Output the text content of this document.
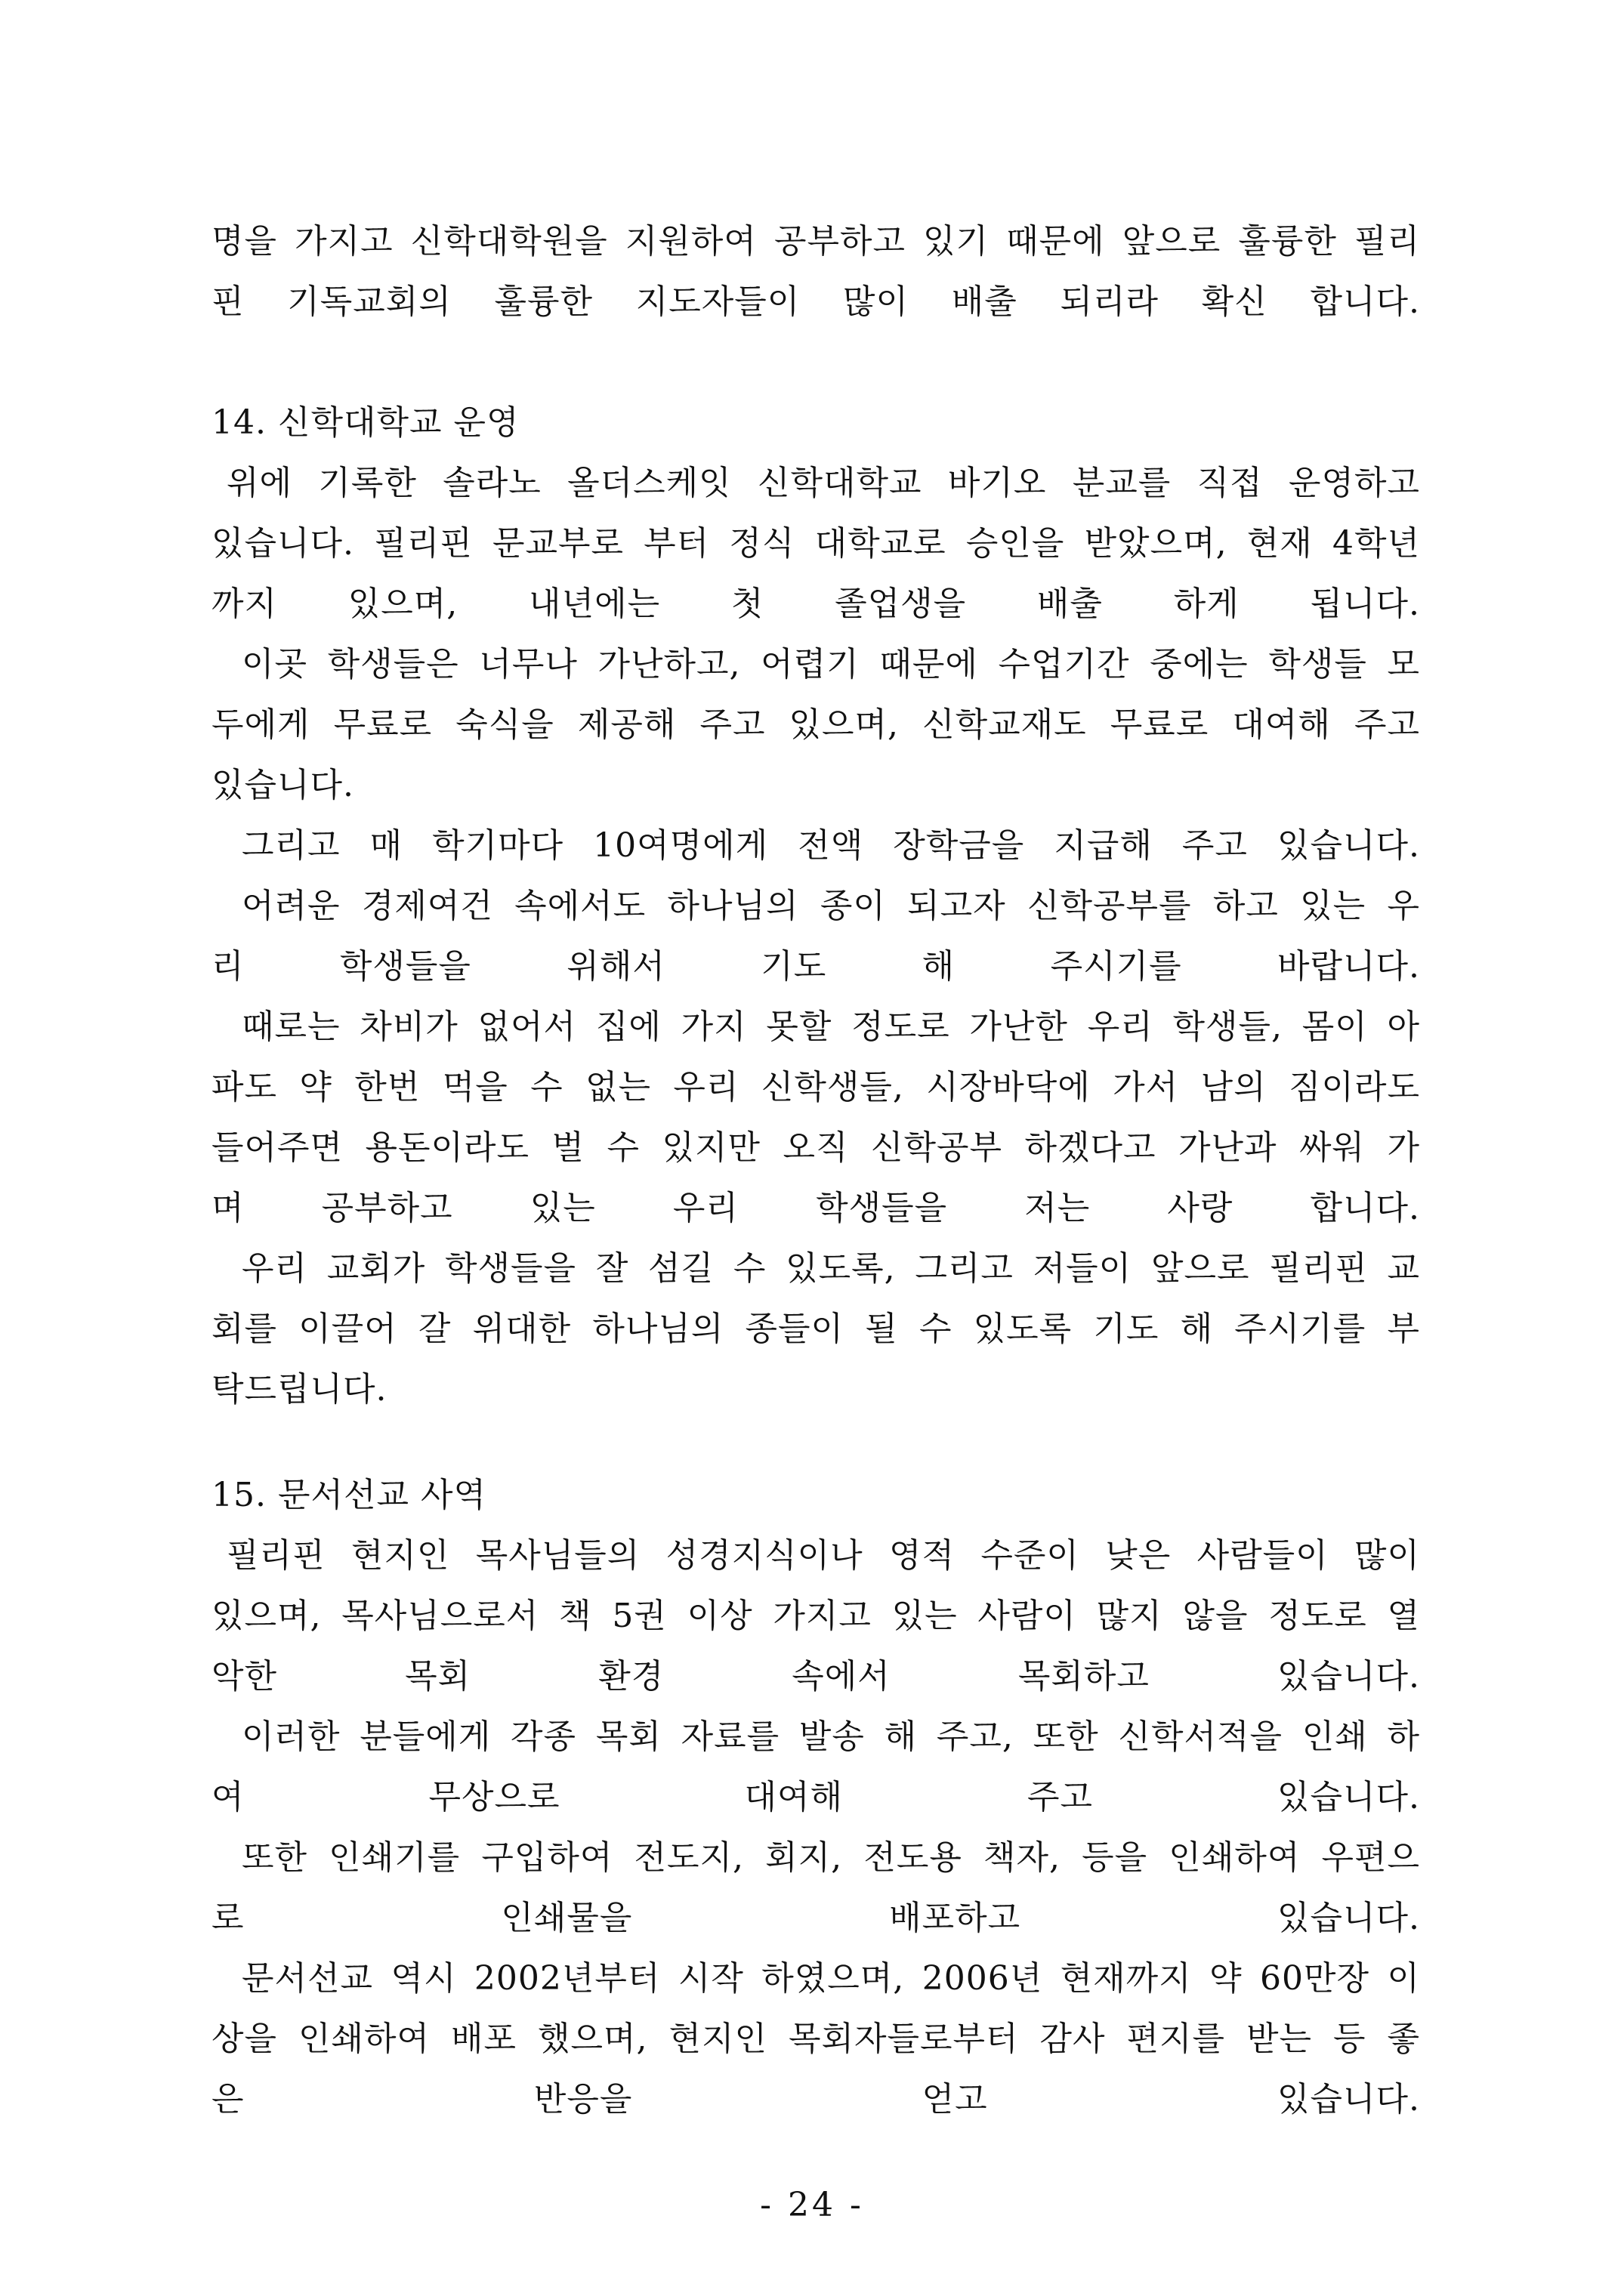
명을 가지고 신학대학원을 지원하여 공부하고 있기 때문에 앞으로 훌륭한 필리
핀 기독교회의 훌륭한 지도자들이 많이 배출 되리라 확신 합니다.
14. 신학대학교 운영
위에 기록한 솔라노 올더스케잇 신학대학교 바기오 분교를 직접 운영하고
있습니다. 필리핀 문교부로 부터 정식 대학교로 승인을 받았으며, 현재 4학년
까지 있으며, 내년에는 첫 졸업생을 배출 하게 됩니다.
이곳 학생들은 너무나 가난하고, 어렵기 때문에 수업기간 중에는 학생들 모
두에게 무료로 숙식을 제공해 주고 있으며, 신학교재도 무료로 대여해 주고
있습니다.
그리고 매 학기마다 10여명에게 전액 장학금을 지급해 주고 있습니다.
어려운 경제여건 속에서도 하나님의 종이 되고자 신학공부를 하고 있는 우
리 학생들을 위해서 기도 해 주시기를 바랍니다.
때로는 차비가 없어서 집에 가지 못할 정도로 가난한 우리 학생들, 몸이 아
파도 약 한번 먹을 수 없는 우리 신학생들, 시장바닥에 가서 남의 짐이라도
들어주면 용돈이라도 벌 수 있지만 오직 신학공부 하겠다고 가난과 싸워 가
며 공부하고 있는 우리 학생들을 저는 사랑 합니다.
우리 교회가 학생들을 잘 섬길 수 있도록, 그리고 저들이 앞으로 필리핀 교
회를 이끌어 갈 위대한 하나님의 종들이 될 수 있도록 기도 해 주시기를 부
탁드립니다.
15. 문서선교 사역
필리핀 현지인 목사님들의 성경지식이나 영적 수준이 낮은 사람들이 많이
있으며, 목사님으로서 책 5권 이상 가지고 있는 사람이 많지 않을 정도로 열
악한 목회 환경 속에서 목회하고 있습니다.
이러한 분들에게 각종 목회 자료를 발송 해 주고, 또한 신학서적을 인쇄 하
여 무상으로 대여해 주고 있습니다.
또한 인쇄기를 구입하여 전도지, 회지, 전도용 책자, 등을 인쇄하여 우편으
로 인쇄물을 배포하고 있습니다.
문서선교 역시 2002년부터 시작 하였으며, 2006년 현재까지 약 60만장 이
상을 인쇄하여 배포 했으며, 현지인 목회자들로부터 감사 편지를 받는 등 좋
은 반응을 얻고 있습니다.
- 24 -
